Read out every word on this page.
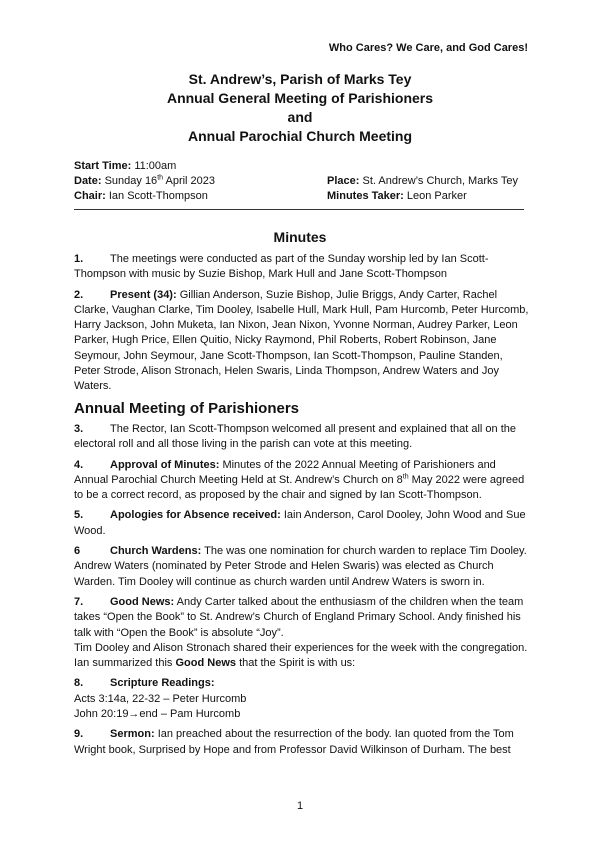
Who Cares? We Care, and God Cares!
St. Andrew’s, Parish of Marks Tey
Annual General Meeting of Parishioners
and
Annual Parochial Church Meeting
Start Time: 11:00am
Date: Sunday 16th April 2023	Place: St. Andrew’s Church, Marks Tey
Chair: Ian Scott-Thompson	Minutes Taker: Leon Parker
Minutes

1. The meetings were conducted as part of the Sunday worship led by Ian Scott-Thompson with music by Suzie Bishop, Mark Hull and Jane Scott-Thompson

2. Present (34): Gillian Anderson, Suzie Bishop, Julie Briggs, Andy Carter, Rachel Clarke, Vaughan Clarke, Tim Dooley, Isabelle Hull, Mark Hull, Pam Hurcomb, Peter Hurcomb, Harry Jackson, John Muketa, Ian Nixon, Jean Nixon, Yvonne Norman, Audrey Parker, Leon Parker, Hugh Price, Ellen Quitio, Nicky Raymond, Phil Roberts, Robert Robinson, Jane Seymour, John Seymour, Jane Scott-Thompson, Ian Scott-Thompson, Pauline Standen, Peter Strode, Alison Stronach, Helen Swaris, Linda Thompson, Andrew Waters and Joy Waters.

Annual Meeting of Parishioners

3. The Rector, Ian Scott-Thompson welcomed all present and explained that all on the electoral roll and all those living in the parish can vote at this meeting.

4. Approval of Minutes: Minutes of the 2022 Annual Meeting of Parishioners and Annual Parochial Church Meeting Held at St. Andrew’s Church on 8th May 2022 were agreed to be a correct record, as proposed by the chair and signed by Ian Scott-Thompson.

5. Apologies for Absence received: Iain Anderson, Carol Dooley, John Wood and Sue Wood.

6	Church Wardens: The was one nomination for church warden to replace Tim Dooley. Andrew Waters (nominated by Peter Strode and Helen Swaris) was elected as Church Warden. Tim Dooley will continue as church warden until Andrew Waters is sworn in.

7. Good News: Andy Carter talked about the enthusiasm of the children when the team takes “Open the Book” to St. Andrew’s Church of England Primary School. Andy finished his talk with “Open the Book” is absolute “Joy”.

Tim Dooley and Alison Stronach shared their experiences for the week with the congregation.

Ian summarized this Good News that the Spirit is with us:

8. Scripture Readings:

Acts 3:14a, 22-32 – Peter Hurcomb

John 20:19→end – Pam Hurcomb

9. Sermon: Ian preached about the resurrection of the body. Ian quoted from the Tom Wright book, Surprised by Hope and from Professor David Wilkinson of Durham. The best

1
